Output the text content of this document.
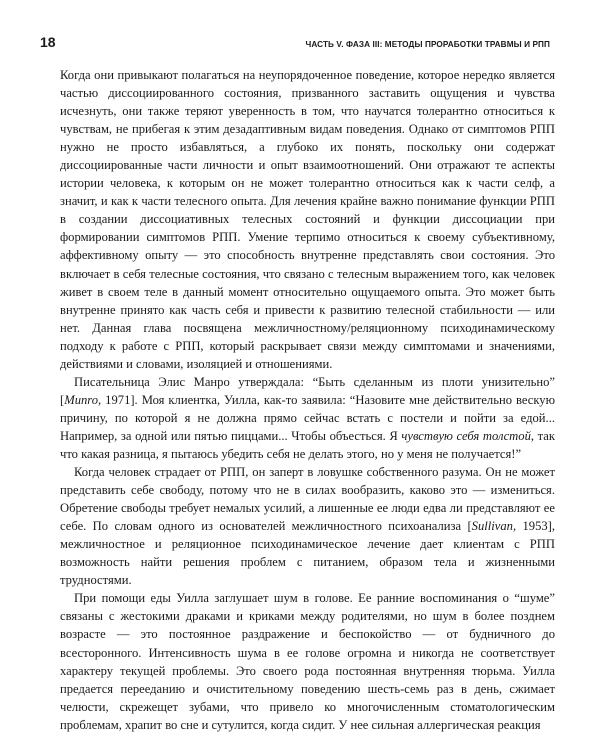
18	ЧАСТЬ V. ФАЗА III: МЕТОДЫ ПРОРАБОТКИ ТРАВМЫ И РПП

Когда они привыкают полагаться на неупорядоченное поведение, которое нередко является частью диссоциированного состояния, призванного заставить ощущения и чувства исчезнуть, они также теряют уверенность в том, что научатся толерантно относиться к чувствам, не прибегая к этим дезадаптивным видам поведения. Однако от симптомов РПП нужно не просто избавляться, а глубоко их понять, поскольку они содержат диссоциированные части личности и опыт взаимоотношений. Они отражают те аспекты истории человека, к которым он не может толерантно относиться как к части селф, а значит, и как к части телесного опыта. Для лечения крайне важно понимание функции РПП в создании диссоциативных телесных состояний и функции диссоциации при формировании симптомов РПП. Умение терпимо относиться к своему субъективному, аффективному опыту — это способность внутренне представлять свои состояния. Это включает в себя телесные состояния, что связано с телесным выражением того, как человек живет в своем теле в данный момент относительно ощущаемого опыта. Это может быть внутренне принято как часть себя и привести к развитию телесной стабильности — или нет. Данная глава посвящена межличностному/реляционному психодинамическому подходу к работе с РПП, который раскрывает связи между симптомами и значениями, действиями и словами, изоляцией и отношениями.

Писательница Элис Манро утверждала: “Быть сделанным из плоти унизительно” [Munro, 1971]. Моя клиентка, Уилла, как-то заявила: “Назовите мне действительно вескую причину, по которой я не должна прямо сейчас встать с постели и пойти за едой... Например, за одной или пятью пиццами... Чтобы объесться. Я чувствую себя толстой, так что какая разница, я пытаюсь убедить себя не делать этого, но у меня не получается!”

Когда человек страдает от РПП, он заперт в ловушке собственного разума. Он не может представить себе свободу, потому что не в силах вообразить, каково это — измениться. Обретение свободы требует немалых усилий, а лишенные ее люди едва ли представляют ее себе. По словам одного из основателей межличностного психоанализа [Sullivan, 1953], межличностное и реляционное психодинамическое лечение дает клиентам с РПП возможность найти решения проблем с питанием, образом тела и жизненными трудностями.

При помощи еды Уилла заглушает шум в голове. Ее ранние воспоминания о “шуме” связаны с жестокими драками и криками между родителями, но шум в более позднем возрасте — это постоянное раздражение и беспокойство — от будничного до всесторонного. Интенсивность шума в ее голове огромна и никогда не соответствует характеру текущей проблемы. Это своего рода постоянная внутренняя тюрьма. Уилла предается перееданию и очистительному поведению шесть-семь раз в день, сжимает челюсти, скрежещет зубами, что привело ко многочисленным стоматологическим проблемам, храпит во сне и сутулится, когда сидит. У нее сильная аллергическая реакция
